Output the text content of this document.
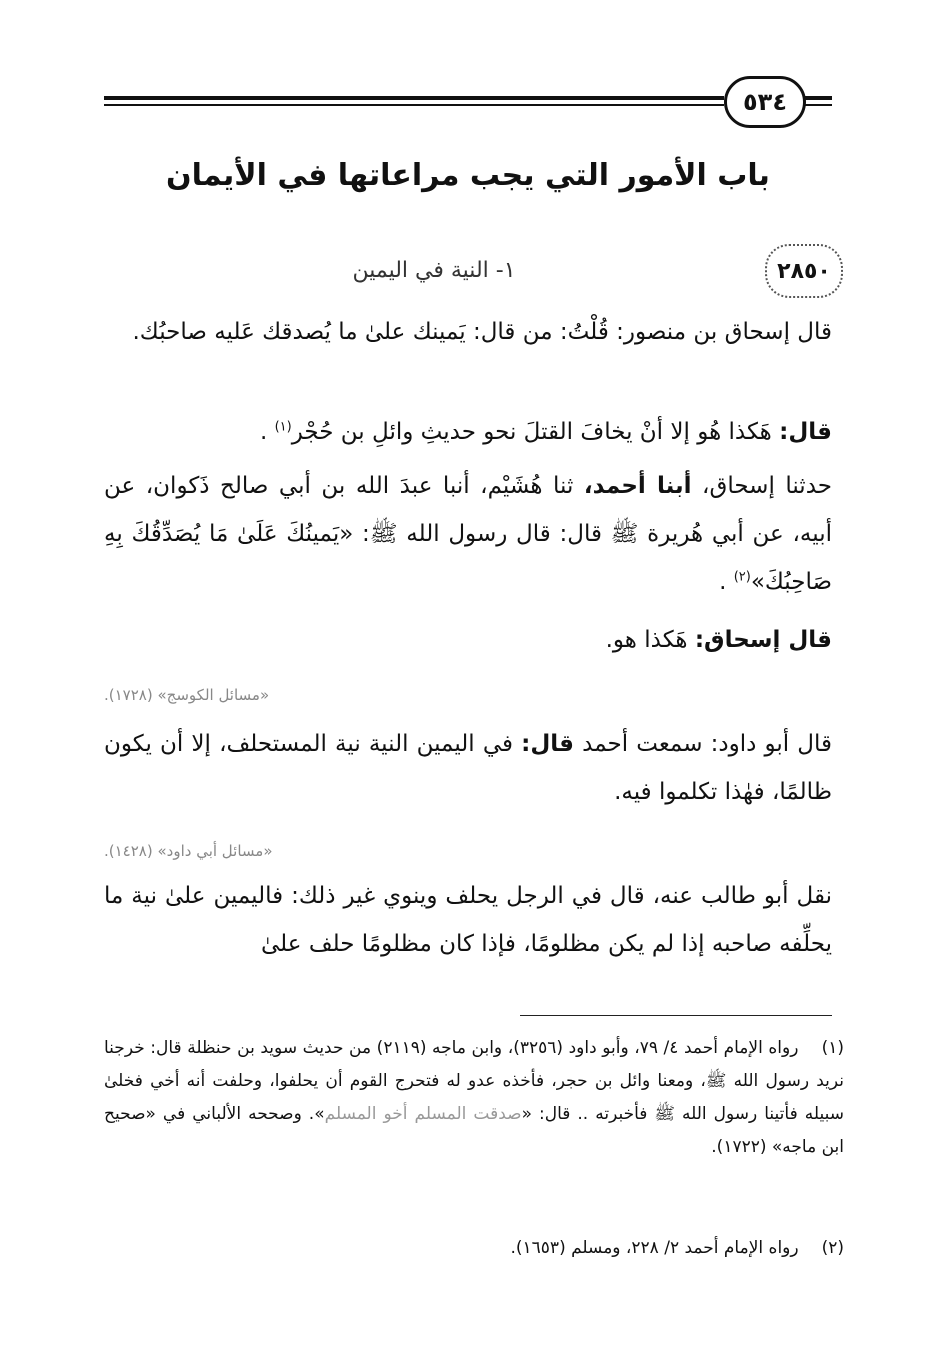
٥٣٤
باب الأمور التي يجب مراعاتها في الأيمان
٢٨٥٠
١- النية في اليمين
قال إسحاق بن منصور: قُلْتُ: من قال: يَمينك علىٰ ما يُصدقك عَليه صاحبُك.
قال: هَكذا هُو إلا أنْ يخافَ القتلَ نحو حديثِ وائلِ بن حُجْر$^{(١)}$ .
حدثنا إسحاق، أبنا أحمد، ثنا هُشَيْم، أنبا عبدَ الله بن أبي صالح ذَكوان، عن أبيه، عن أبي هُريرة ﷺ قال: قال رسول الله ﷺ: «يَمينُكَ عَلَىٰ مَا يُصَدِّقُكَ بِهِ صَاحِبُكَ»$^{(٢)}$ .
قال إسحاق: هَكذا هو.
«مسائل الكوسج» (١٧٢٨).
قال أبو داود: سمعت أحمد قال: في اليمين النية نية المستحلف، إلا أن يكون ظالمًا، فهٰذا تكلموا فيه.
«مسائل أبي داود» (١٤٢٨).
نقل أبو طالب عنه، قال في الرجل يحلف وينوي غير ذلك: فاليمين علىٰ نية ما يحلِّفه صاحبه إذا لم يكن مظلومًا، فإذا كان مظلومًا حلف علىٰ
(١) رواه الإمام أحمد ٤/ ٧٩، وأبو داود (٣٢٥٦)، وابن ماجه (٢١١٩) من حديث سويد بن حنظلة قال: خرجنا نريد رسول الله ﷺ، ومعنا وائل بن حجر، فأخذه عدو له فتحرج القوم أن يحلفوا، وحلفت أنه أخي فخلىٰ سبيله فأتينا رسول الله ﷺ فأخبرته .. قال: «صدقت المسلم أخو المسلم». وصححه الألباني في «صحيح ابن ماجه» (١٧٢٢).
(٢) رواه الإمام أحمد ٢/ ٢٢٨، ومسلم (١٦٥٣).
